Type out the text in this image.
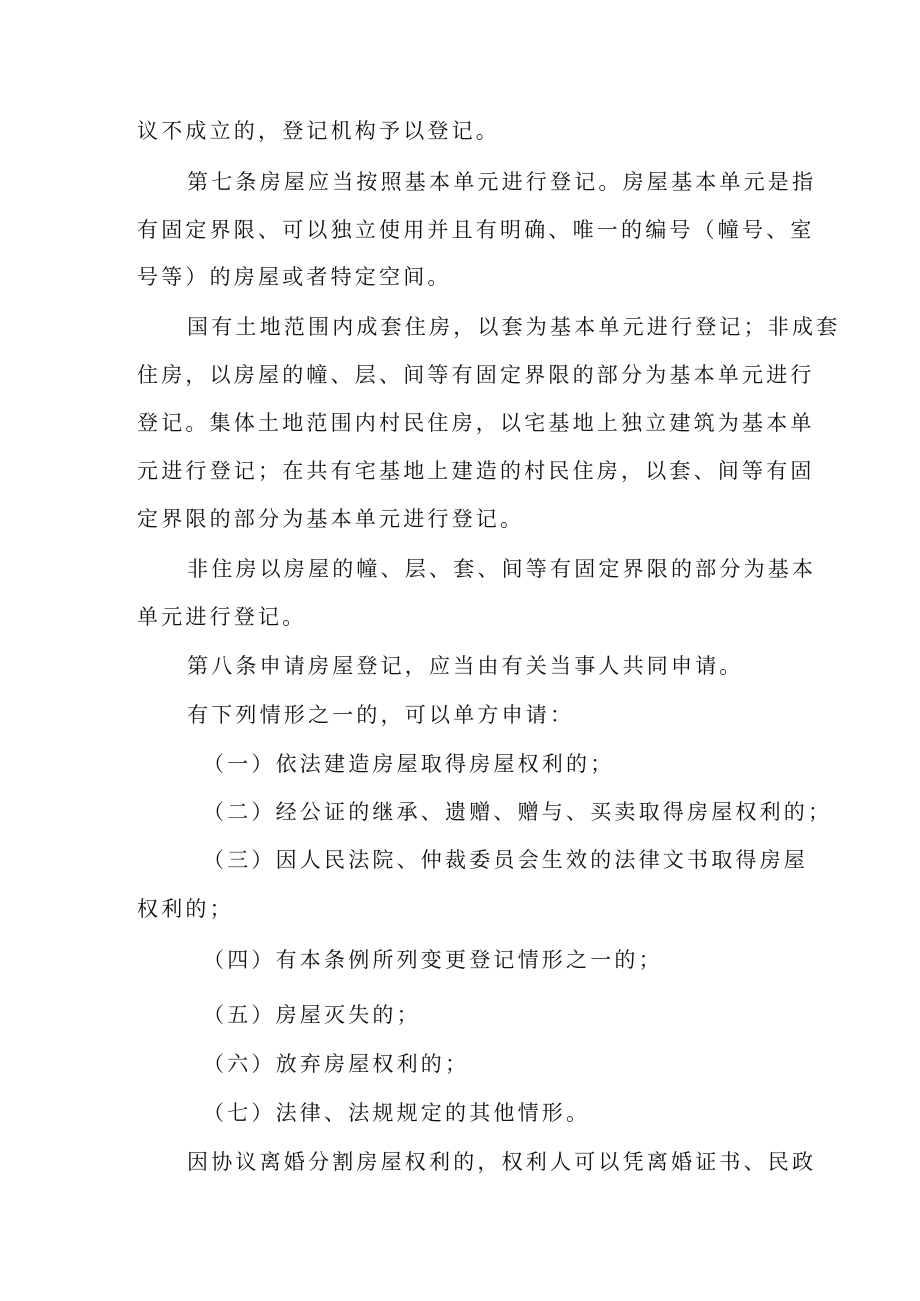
议不成立的，登记机构予以登记。

第七条房屋应当按照基本单元进行登记。房屋基本单元是指

有固定界限、可以独立使用并且有明确、唯一的编号（幢号、室

号等）的房屋或者特定空间。

国有土地范围内成套住房，以套为基本单元进行登记；非成套

住房，以房屋的幢、层、间等有固定界限的部分为基本单元进行

登记。集体土地范围内村民住房，以宅基地上独立建筑为基本单

元进行登记；在共有宅基地上建造的村民住房，以套、间等有固

定界限的部分为基本单元进行登记。

非住房以房屋的幢、层、套、间等有固定界限的部分为基本

单元进行登记。

第八条申请房屋登记，应当由有关当事人共同申请。

有下列情形之一的，可以单方申请：

（一）依法建造房屋取得房屋权利的；

（二）经公证的继承、遗赠、赠与、买卖取得房屋权利的；

（三）因人民法院、仲裁委员会生效的法律文书取得房屋

权利的；

（四）有本条例所列变更登记情形之一的；

（五）房屋灭失的；

（六）放弃房屋权利的；

（七）法律、法规规定的其他情形。

因协议离婚分割房屋权利的，权利人可以凭离婚证书、民政
